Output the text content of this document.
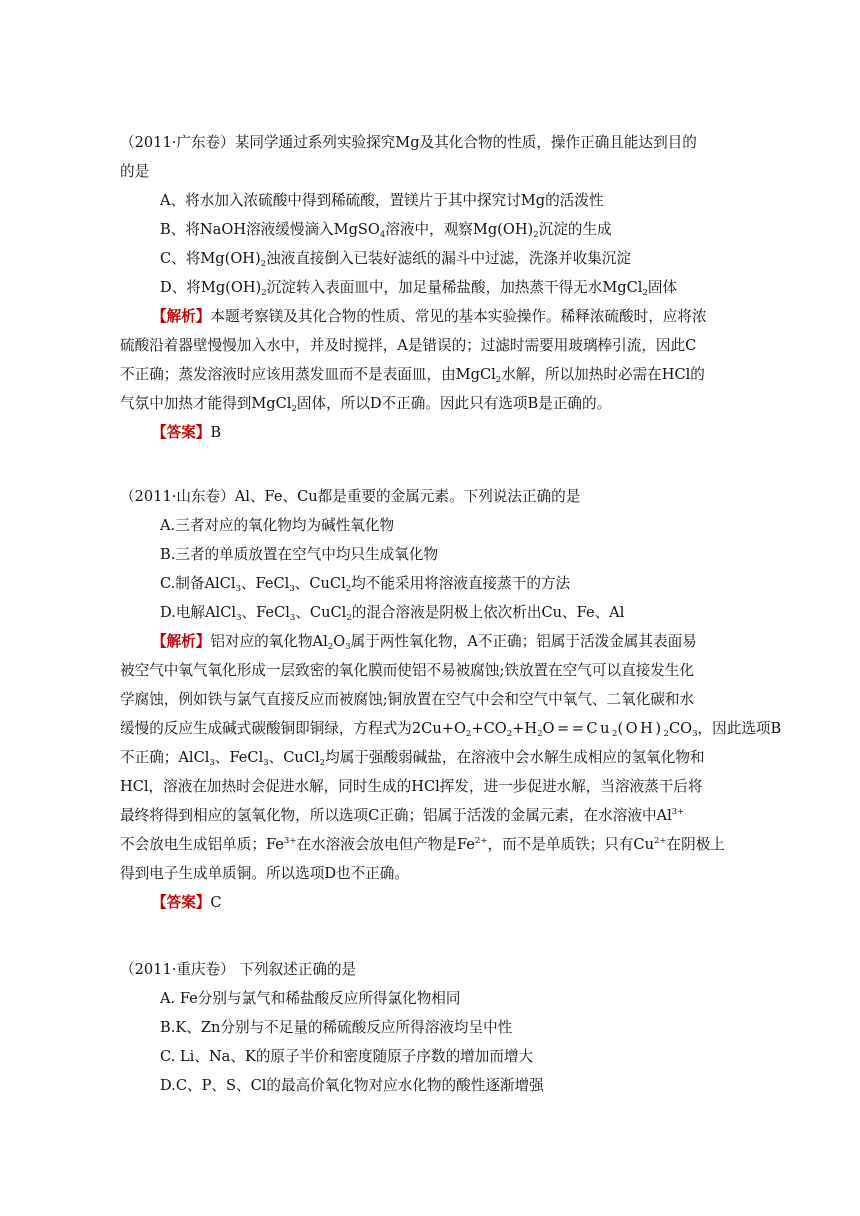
（2011·广东卷）某同学通过系列实验探究Mg及其化合物的性质，操作正确且能达到目的
的是
A、将水加入浓硫酸中得到稀硫酸，置镁片于其中探究讨Mg的活泼性
B、将NaOH溶液缓慢滴入MgSO$_4$溶液中，观察$Mg(OH)_2$沉淀的生成
C、将$Mg(OH)_2$浊液直接倒入已装好滤纸的漏斗中过滤，洗涤并收集沉淀
D、将$Mg(OH)_2$沉淀转入表面皿中，加足量稀盐酸，加热蒸干得无水MgCl$_2$固体
【解析】本题考察镁及其化合物的性质、常见的基本实验操作。稀释浓硫酸时，应将浓
硫酸沿着器壁慢慢加入水中，并及时搅拌，A是错误的；过滤时需要用玻璃棒引流，因此C
不正确；蒸发溶液时应该用蒸发皿而不是表面皿，由MgCl$_2$水解，所以加热时必需在HCl的
气氛中加热才能得到MgCl$_2$固体，所以D不正确。因此只有选项B是正确的。
【答案】B
（2011·山东卷）Al、Fe、Cu都是重要的金属元素。下列说法正确的是
A.三者对应的氧化物均为碱性氧化物
B.三者的单质放置在空气中均只生成氧化物
C.制备AlCl$_3$、FeCl$_3$、CuCl$_2$均不能采用将溶液直接蒸干的方法
D.电解AlCl$_3$、FeCl$_3$、CuCl$_2$的混合溶液是阴极上依次析出Cu、Fe、Al
【解析】铝对应的氧化物$Al_2O_3$属于两性氧化物，A不正确；铝属于活泼金属其表面易
被空气中氧气氧化形成一层致密的氧化膜而使铝不易被腐蚀;铁放置在空气可以直接发生化
学腐蚀，例如铁与氯气直接反应而被腐蚀;铜放置在空气中会和空气中氧气、二氧化碳和水
缓慢的反应生成碱式碳酸铜即铜绿，方程式为$2Cu+O_2+CO_2+H_2O==Cu_2(OH)_2CO_3$，因此选项B
不正确；AlCl$_3$、FeCl$_3$、CuCl$_2$均属于强酸弱碱盐，在溶液中会水解生成相应的氢氧化物和
HCl，溶液在加热时会促进水解，同时生成的HCl挥发，进一步促进水解，当溶液蒸干后将
最终将得到相应的氢氧化物，所以选项C正确；铝属于活泼的金属元素，在水溶液中$Al^{3+}$
不会放电生成铝单质；$Fe^{3+}$在水溶液会放电但产物是$Fe^{2+}$，而不是单质铁；只有$Cu^{2+}$在阴极上
得到电子生成单质铜。所以选项D也不正确。
【答案】C
（2011·重庆卷） 下列叙述正确的是
A. Fe分别与氯气和稀盐酸反应所得氯化物相同
B.K、Zn分别与不足量的稀硫酸反应所得溶液均呈中性
C. Li、Na、K的原子半价和密度随原子序数的增加而增大
D.C、P、S、Cl的最高价氧化物对应水化物的酸性逐渐增强
